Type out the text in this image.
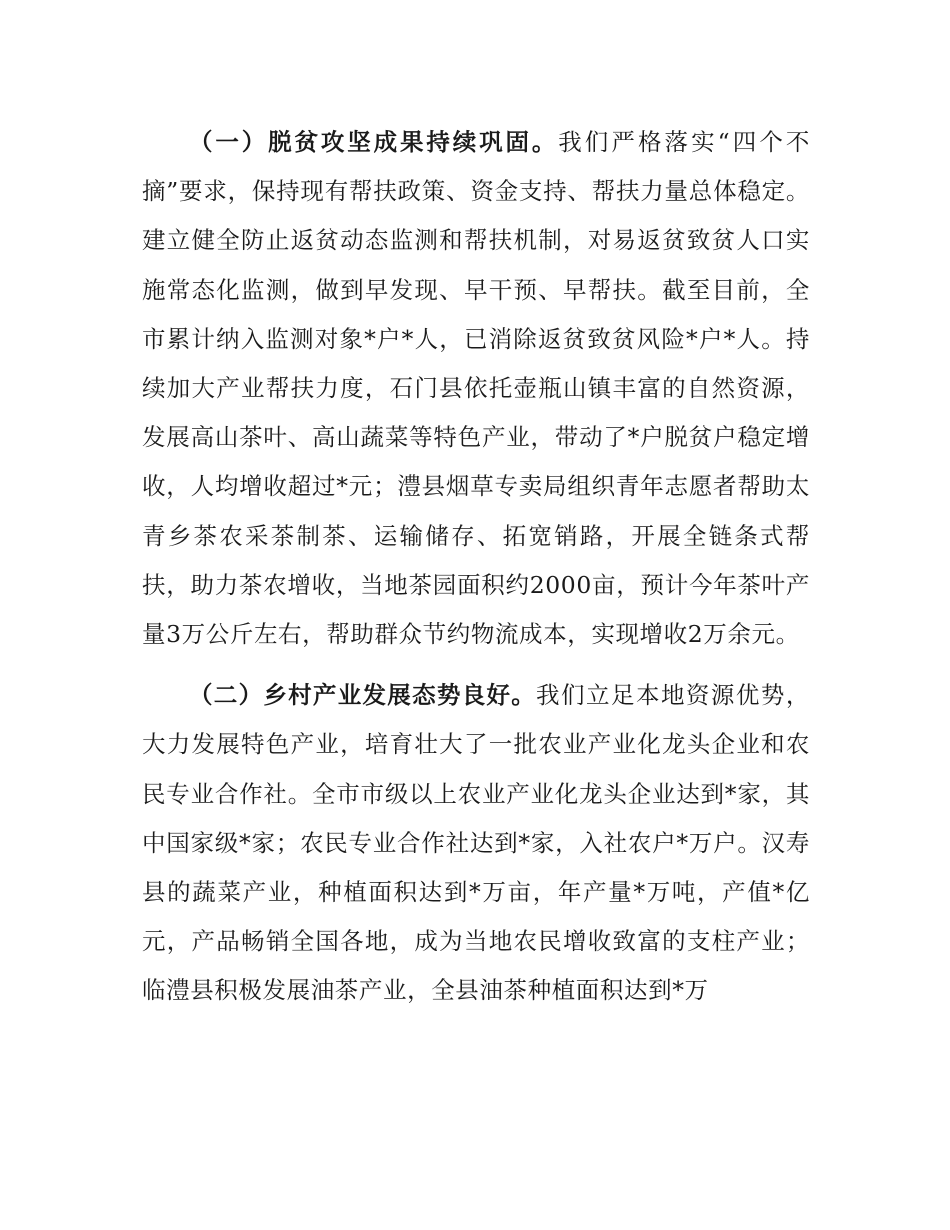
（一）脱贫攻坚成果持续巩固。我们严格落实“四个不摘”要求，保持现有帮扶政策、资金支持、帮扶力量总体稳定。建立健全防止返贫动态监测和帮扶机制，对易返贫致贫人口实施常态化监测，做到早发现、早干预、早帮扶。截至目前，全市累计纳入监测对象*户*人，已消除返贫致贫风险*户*人。持续加大产业帮扶力度，石门县依托壶瓶山镇丰富的自然资源，发展高山茶叶、高山蔬菜等特色产业，带动了*户脱贫户稳定增收，人均增收超过*元；澧县烟草专卖局组织青年志愿者帮助太青乡茶农采茶制茶、运输储存、拓宽销路，开展全链条式帮扶，助力茶农增收，当地茶园面积约2000亩，预计今年茶叶产量3万公斤左右，帮助群众节约物流成本，实现增收2万余元。

（二）乡村产业发展态势良好。我们立足本地资源优势，大力发展特色产业，培育壮大了一批农业产业化龙头企业和农民专业合作社。全市市级以上农业产业化龙头企业达到*家，其中国家级*家；农民专业合作社达到*家，入社农户*万户。汉寿县的蔬菜产业，种植面积达到*万亩，年产量*万吨，产值*亿元，产品畅销全国各地，成为当地农民增收致富的支柱产业；临澧县积极发展油茶产业，全县油茶种植面积达到*万
